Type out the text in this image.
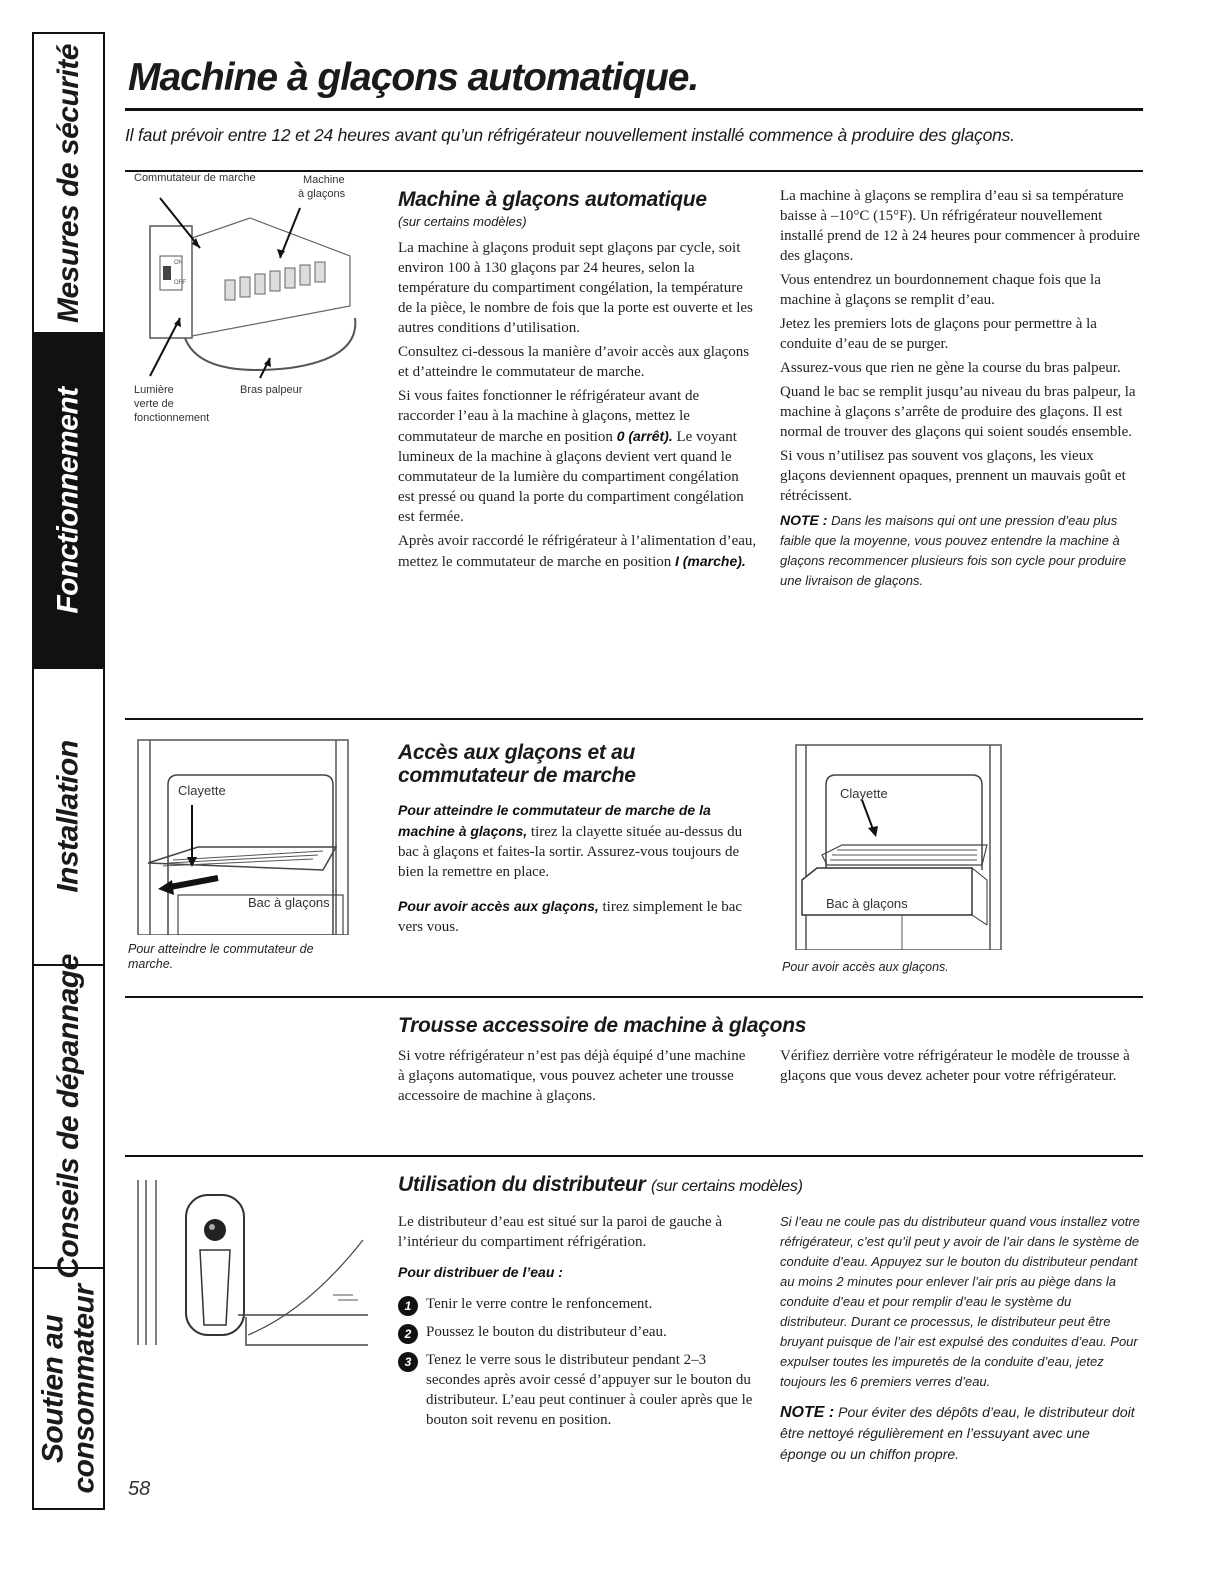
Mesures de sécurité
Fonctionnement
Installation
Conseils de dépannage
Soutien au
consommateur
Machine à glaçons automatique.
Il faut prévoir entre 12 et 24 heures avant qu’un réfrigérateur nouvellement installé commence à produire des glaçons.
ON
OFF
Commutateur de marche	Machine
à glaçons
Lumière
verte de
fonctionnement
Bras palpeur
Machine à glaçons automatique
(sur certains modèles)

La machine à glaçons produit sept glaçons par cycle, soit environ 100 à 130 glaçons par 24 heures, selon la température du compartiment congélation, la température de la pièce, le nombre de fois que la porte est ouverte et les autres conditions d’utilisation.

Consultez ci-dessous la manière d’avoir accès aux glaçons et d’atteindre le commutateur de marche.

Si vous faites fonctionner le réfrigérateur avant de raccorder l’eau à la machine à glaçons, mettez le commutateur de marche en position 0 (arrêt). Le voyant lumineux de la machine à glaçons devient vert quand le commutateur de la lumière du compartiment congélation est pressé ou quand la porte du compartiment congélation est fermée.

Après avoir raccordé le réfrigérateur à l’alimentation d’eau, mettez le commutateur de marche en position I (marche).

La machine à glaçons se remplira d’eau si sa température baisse à –10°C (15°F). Un réfrigérateur nouvellement installé prend de 12 à 24 heures pour commencer à produire des glaçons.

Vous entendrez un bourdonnement chaque fois que la machine à glaçons se remplit d’eau.

Jetez les premiers lots de glaçons pour permettre à la conduite d’eau de se purger.

Assurez-vous que rien ne gène la course du bras palpeur.

Quand le bac se remplit jusqu’au niveau du bras palpeur, la machine à glaçons s’arrête de produire des glaçons. Il est normal de trouver des glaçons qui soient soudés ensemble.

Si vous n’utilisez pas souvent vos glaçons, les vieux glaçons deviennent opaques, prennent un mauvais goût et rétrécissent.

NOTE : Dans les maisons qui ont une pression d’eau plus faible que la moyenne, vous pouvez entendre la machine à glaçons recommencer plusieurs fois son cycle pour produire une livraison de glaçons.

Clayette
Bac à glaçons
Pour atteindre le commutateur de marche.
Accès aux glaçons et au
commutateur de marche

Pour atteindre le commutateur de marche de la machine à glaçons, tirez la clayette située au-dessus du bac à glaçons et faites-la sortir. Assurez-vous toujours de bien la remettre en place.

Pour avoir accès aux glaçons, tirez simplement le bac vers vous.

Clayette
Bac à glaçons
Pour avoir accès aux glaçons.
Trousse accessoire de machine à glaçons
Si votre réfrigérateur n’est pas déjà équipé d’une machine à glaçons automatique, vous pouvez acheter une trousse accessoire de machine à glaçons.
Vérifiez derrière votre réfrigérateur le modèle de trousse à glaçons que vous devez acheter pour votre réfrigérateur.
Utilisation du distributeur (sur certains modèles)

Le distributeur d’eau est situé sur la paroi de gauche à l’intérieur du compartiment réfrigération.

Pour distribuer de l’eau :

1 Tenir le verre contre le renfoncement.
2 Poussez le bouton du distributeur d’eau.
3 Tenez le verre sous le distributeur pendant 2–3 secondes après avoir cessé d’appuyer sur le bouton du distributeur. L’eau peut continuer à couler après que le bouton soit revenu en position.

Si l’eau ne coule pas du distributeur quand vous installez votre réfrigérateur, c’est qu’il peut y avoir de l’air dans le système de conduite d’eau. Appuyez sur le bouton du distributeur pendant au moins 2 minutes pour enlever l’air pris au piège dans la conduite d’eau et pour remplir d’eau le système du distributeur. Durant ce processus, le distributeur peut être bruyant puisque de l’air est expulsé des conduites d’eau. Pour expulser toutes les impuretés de la conduite d’eau, jetez toujours les 6 premiers verres d’eau.

NOTE : Pour éviter des dépôts d’eau, le distributeur doit être nettoyé régulièrement en l’essuyant avec une éponge ou un chiffon propre.

58
